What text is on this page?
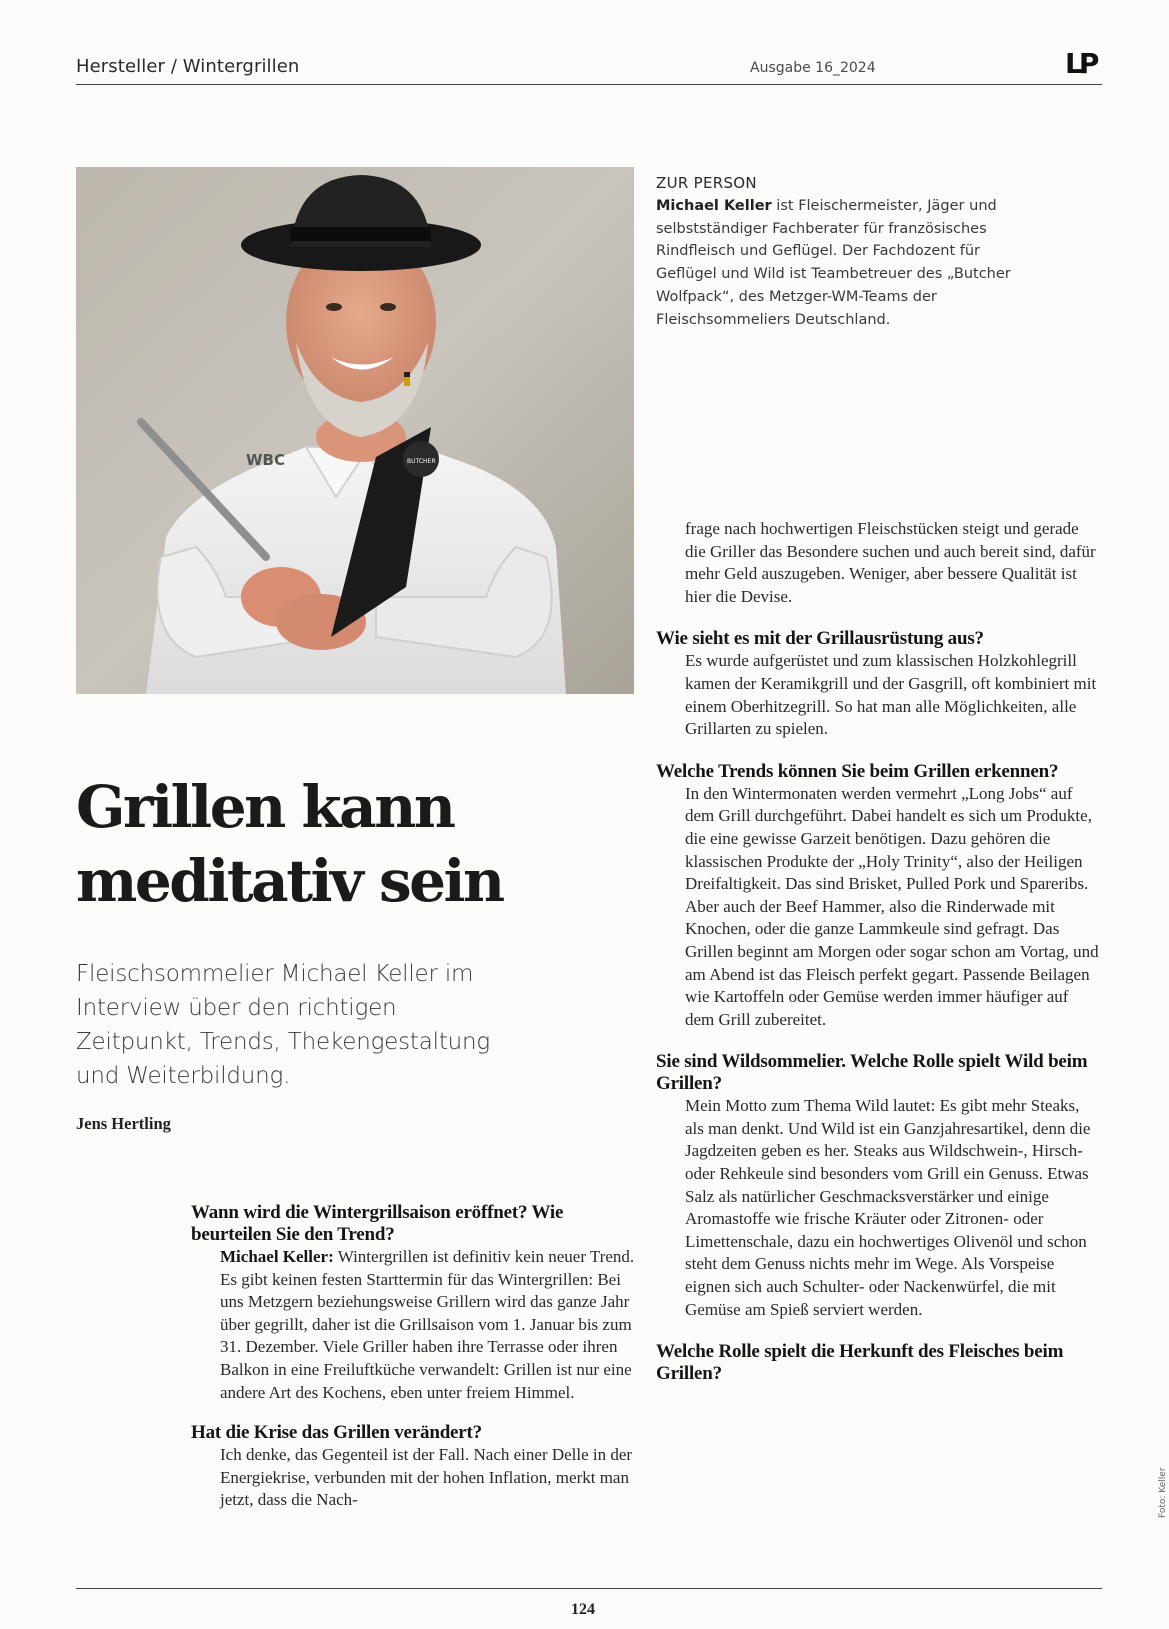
Hersteller / Wintergrillen	Ausgabe 16_2024	LP
WBC	BUTCHER
ZUR PERSON
Michael Keller ist Fleischermeister, Jäger und selbstständiger Fachberater für französisches Rindfleisch und Geflügel. Der Fachdozent für Geflügel und Wild ist Teambetreuer des „Butcher Wolfpack“, des Metzger-WM-Teams der Fleischsommeliers Deutschland.
Grillen kann
meditativ sein
Fleischsommelier Michael Keller im Interview über den richtigen Zeitpunkt, Trends, Thekengestaltung und Weiterbildung.
Jens Hertling
Wann wird die Wintergrillsaison eröffnet? Wie beurteilen Sie den Trend?
Michael Keller: Wintergrillen ist definitiv kein neuer Trend. Es gibt keinen festen Starttermin für das Wintergrillen: Bei uns Metzgern beziehungsweise Grillern wird das ganze Jahr über gegrillt, daher ist die Grillsaison vom 1. Januar bis zum 31. Dezember. Viele Griller haben ihre Terrasse oder ihren Balkon in eine Freiluftküche verwandelt: Grillen ist nur eine andere Art des Kochens, eben unter freiem Himmel.
Hat die Krise das Grillen verändert?
Ich denke, das Gegenteil ist der Fall. Nach einer Delle in der Energiekrise, verbunden mit der hohen Inflation, merkt man jetzt, dass die Nach-
frage nach hochwertigen Fleischstücken steigt und gerade die Griller das Besondere suchen und auch bereit sind, dafür mehr Geld auszugeben. Weniger, aber bessere Qualität ist hier die Devise.
Wie sieht es mit der Grillausrüstung aus?
Es wurde aufgerüstet und zum klassischen Holzkohlegrill kamen der Keramikgrill und der Gasgrill, oft kombiniert mit einem Oberhitzegrill. So hat man alle Möglichkeiten, alle Grillarten zu spielen.
Welche Trends können Sie beim Grillen erkennen?
In den Wintermonaten werden vermehrt „Long Jobs“ auf dem Grill durchgeführt. Dabei handelt es sich um Produkte, die eine gewisse Garzeit benötigen. Dazu gehören die klassischen Produkte der „Holy Trinity“, also der Heiligen Dreifaltigkeit. Das sind Brisket, Pulled Pork und Spareribs. Aber auch der Beef Hammer, also die Rinderwade mit Knochen, oder die ganze Lammkeule sind gefragt. Das Grillen beginnt am Morgen oder sogar schon am Vortag, und am Abend ist das Fleisch perfekt gegart. Passende Beilagen wie Kartoffeln oder Gemüse werden immer häufiger auf dem Grill zubereitet.
Sie sind Wildsommelier. Welche Rolle spielt Wild beim Grillen?
Mein Motto zum Thema Wild lautet: Es gibt mehr Steaks, als man denkt. Und Wild ist ein Ganzjahresartikel, denn die Jagdzeiten geben es her. Steaks aus Wildschwein-, Hirsch- oder Rehkeule sind besonders vom Grill ein Genuss. Etwas Salz als natürlicher Geschmacksverstärker und einige Aromastoffe wie frische Kräuter oder Zitronen- oder Limettenschale, dazu ein hochwertiges Olivenöl und schon steht dem Genuss nichts mehr im Wege. Als Vorspeise eignen sich auch Schulter- oder Nackenwürfel, die mit Gemüse am Spieß serviert werden.
Welche Rolle spielt die Herkunft des Fleisches beim Grillen?
124
Foto: Keller
